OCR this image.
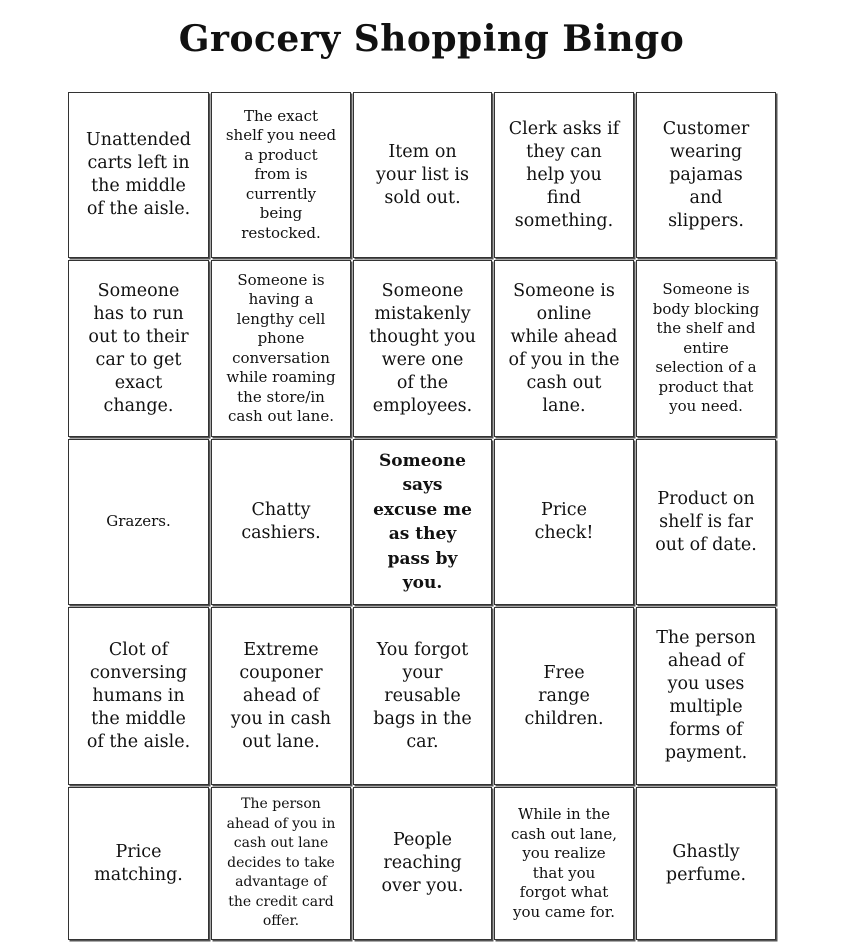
Grocery Shopping Bingo
Unattended
carts left in
the middle
of the aisle.
The exact
shelf you need
a product
from is
currently
being
restocked.
Item on
your list is
sold out.
Clerk asks if
they can
help you
find
something.
Customer
wearing
pajamas
and
slippers.
Someone
has to run
out to their
car to get
exact
change.
Someone is
having a
lengthy cell
phone
conversation
while roaming
the store/in
cash out lane.
Someone
mistakenly
thought you
were one
of the
employees.
Someone is
online
while ahead
of you in the
cash out
lane.
Someone is
body blocking
the shelf and
entire
selection of a
product that
you need.
Grazers.
Chatty
cashiers.
Someone
says
excuse me
as they
pass by
you.
Price
check!
Product on
shelf is far
out of date.
Clot of
conversing
humans in
the middle
of the aisle.
Extreme
couponer
ahead of
you in cash
out lane.
You forgot
your
reusable
bags in the
car.
Free
range
children.
The person
ahead of
you uses
multiple
forms of
payment.
Price
matching.
The person
ahead of you in
cash out lane
decides to take
advantage of
the credit card
offer.
People
reaching
over you.
While in the
cash out lane,
you realize
that you
forgot what
you came for.
Ghastly
perfume.
